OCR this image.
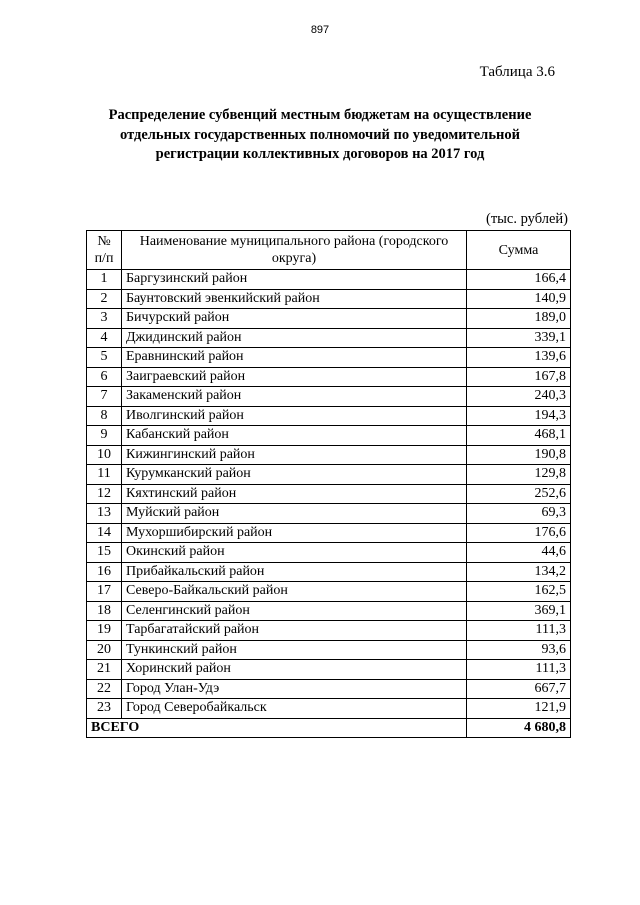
897
Таблица 3.6
Распределение субвенций местным бюджетам на осуществление
отдельных государственных полномочий по уведомительной
регистрации коллективных договоров на 2017 год
(тыс. рублей)
№ п/п	Наименование муниципального района (городского округа)	Сумма
1	Баргузинский район	166,4
2	Баунтовский эвенкийский район	140,9
3	Бичурский район	189,0
4	Джидинский район	339,1
5	Еравнинский район	139,6
6	Заиграевский район	167,8
7	Закаменский район	240,3
8	Иволгинский район	194,3
9	Кабанский район	468,1
10	Кижингинский район	190,8
11	Курумканский район	129,8
12	Кяхтинский район	252,6
13	Муйский район	69,3
14	Мухоршибирский район	176,6
15	Окинский район	44,6
16	Прибайкальский район	134,2
17	Северо-Байкальский район	162,5
18	Селенгинский район	369,1
19	Тарбагатайский район	111,3
20	Тункинский район	93,6
21	Хоринский район	111,3
22	Город Улан-Удэ	667,7
23	Город Северобайкальск	121,9
ВСЕГО		4 680,8
